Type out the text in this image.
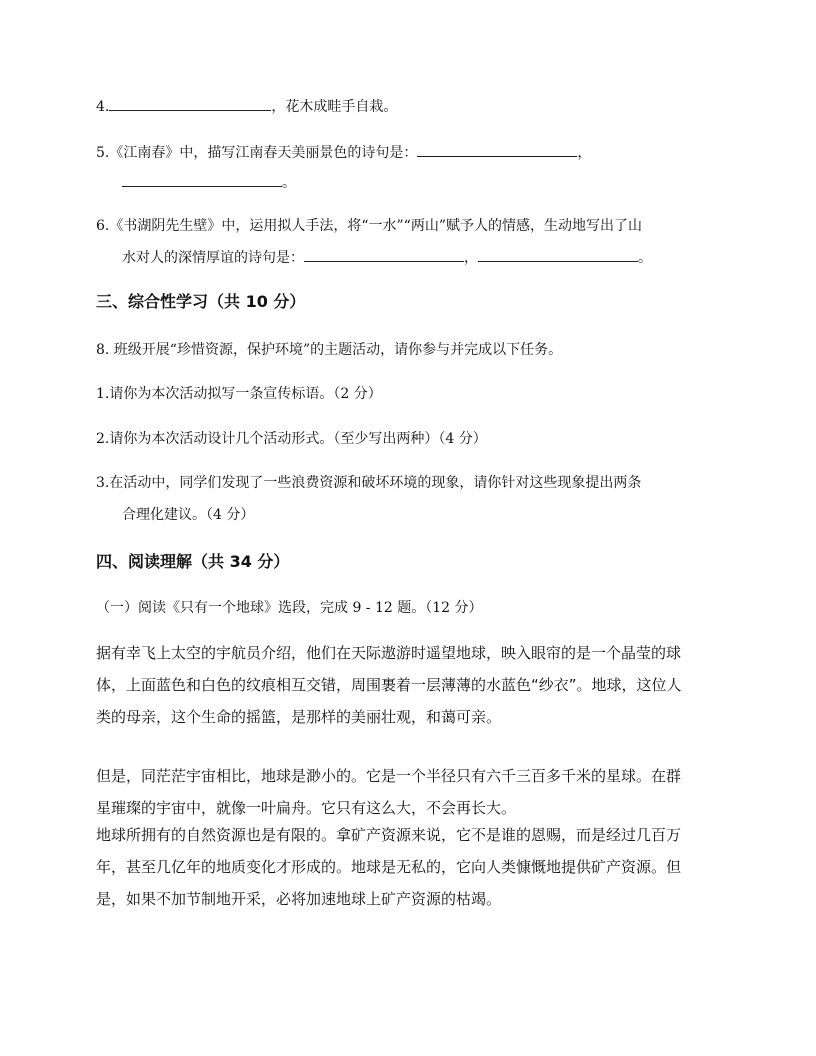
4.	，花木成畦手自栽。
5.《江南春》中，描写江南春天美丽景色的诗句是：	，
。
6.《书湖阴先生壁》中，运用拟人手法，将“一水”“两山”赋予人的情感，生动地写出了山
水对人的深情厚谊的诗句是：	，	。
三、综合性学习（共 10 分）
8. 班级开展“珍惜资源，保护环境”的主题活动，请你参与并完成以下任务。
1.请你为本次活动拟写一条宣传标语。（2 分）
2.请你为本次活动设计几个活动形式。（至少写出两种）（4 分）
3.在活动中，同学们发现了一些浪费资源和破坏环境的现象，请你针对这些现象提出两条
合理化建议。（4 分）
四、阅读理解（共 34 分）
（一）阅读《只有一个地球》选段，完成 9 - 12 题。（12 分）
据有幸飞上太空的宇航员介绍，他们在天际遨游时遥望地球，映入眼帘的是一个晶莹的球
体，上面蓝色和白色的纹痕相互交错，周围裹着一层薄薄的水蓝色“纱衣”。地球，这位人
类的母亲，这个生命的摇篮，是那样的美丽壮观，和蔼可亲。
但是，同茫茫宇宙相比，地球是渺小的。它是一个半径只有六千三百多千米的星球。在群
星璀璨的宇宙中，就像一叶扁舟。它只有这么大，不会再长大。
地球所拥有的自然资源也是有限的。拿矿产资源来说，它不是谁的恩赐，而是经过几百万
年，甚至几亿年的地质变化才形成的。地球是无私的，它向人类慷慨地提供矿产资源。但
是，如果不加节制地开采，必将加速地球上矿产资源的枯竭。
